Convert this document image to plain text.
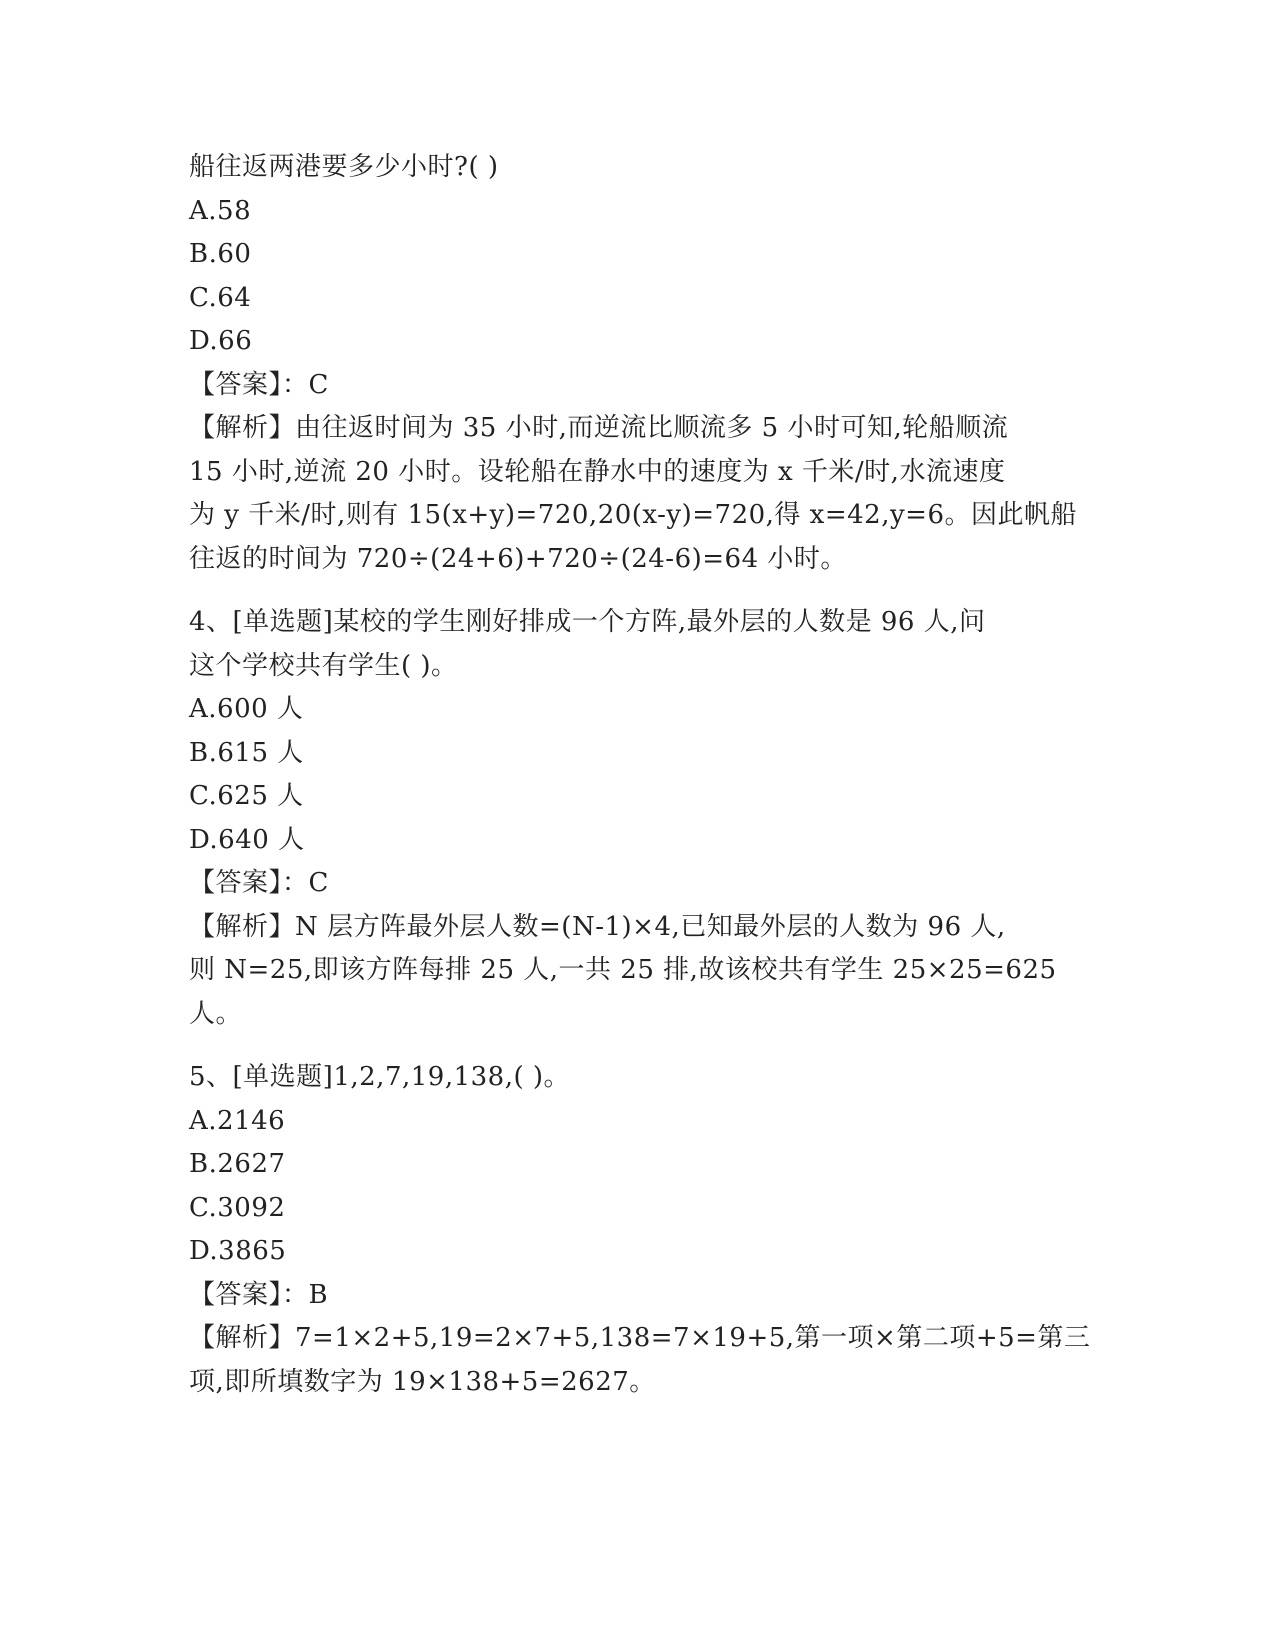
船往返两港要多少小时?( )
A.58
B.60
C.64
D.66
【答案】：C
【解析】由往返时间为 35 小时,而逆流比顺流多 5 小时可知,轮船顺流
15 小时,逆流 20 小时。设轮船在静水中的速度为 x 千米/时,水流速度
为 y 千米/时,则有 15(x+y)=720,20(x-y)=720,得 x=42,y=6。因此帆船
往返的时间为 720÷(24+6)+720÷(24-6)=64 小时。
4、[单选题]某校的学生刚好排成一个方阵,最外层的人数是 96 人,问
这个学校共有学生( )。
A.600 人
B.615 人
C.625 人
D.640 人
【答案】：C
【解析】N 层方阵最外层人数=(N-1)×4,已知最外层的人数为 96 人,
则 N=25,即该方阵每排 25 人,一共 25 排,故该校共有学生 25×25=625
人。
5、[单选题]1,2,7,19,138,( )。
A.2146
B.2627
C.3092
D.3865
【答案】：B
【解析】7=1×2+5,19=2×7+5,138=7×19+5,第一项×第二项+5=第三
项,即所填数字为 19×138+5=2627。
